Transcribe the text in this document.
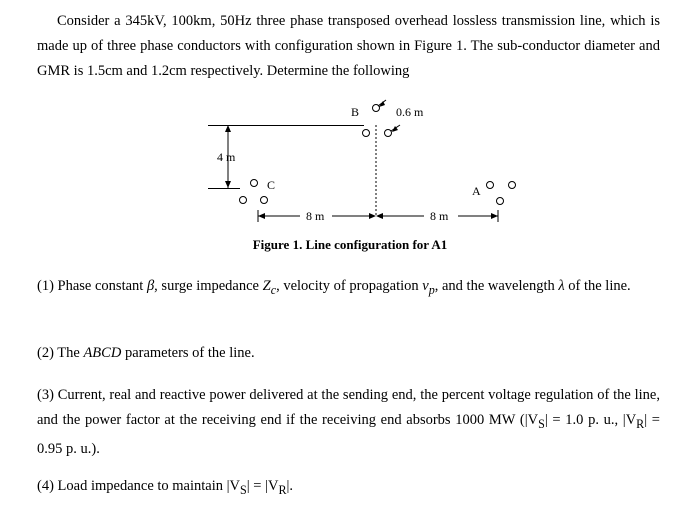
Consider a 345kV, 100km, 50Hz three phase transposed overhead lossless transmission line, which is made up of three phase conductors with configuration shown in Figure 1. The sub-conductor diameter and GMR is 1.5cm and 1.2cm respectively. Determine the following

B	0.6 m
4 m
C	A
8 m	8 m
Figure 1. Line configuration for A1

(1) Phase constant β, surge impedance $Z_c$, velocity of propagation $v_p$, and the wavelength λ of the line.

(2) The ABCD parameters of the line.

(3) Current, real and reactive power delivered at the sending end, the percent voltage regulation of the line, and the power factor at the receiving end if the receiving end absorbs 1000 MW ($|V_S| = 1.0$ p. u., $|V_R| = 0.95$ p. u.).

(4) Load impedance to maintain $|V_S| = |V_R|$.
